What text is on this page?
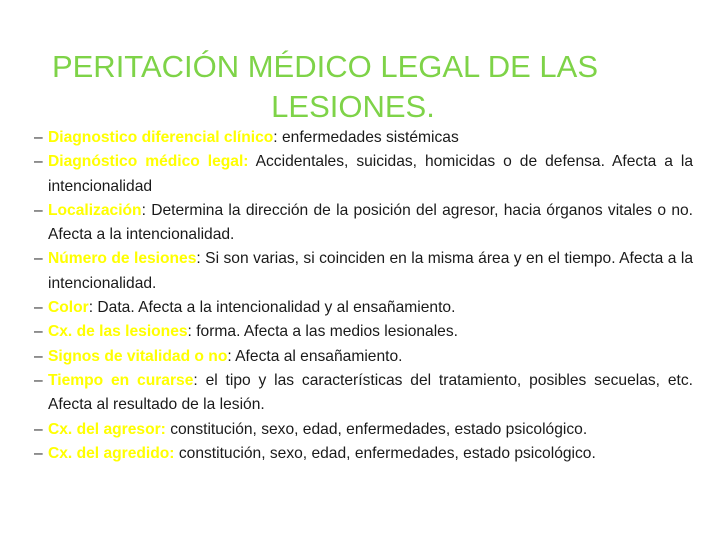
PERITACIÓN MÉDICO LEGAL DE LAS
LESIONES.
– Diagnostico diferencial clínico: enfermedades sistémicas
– Diagnóstico médico legal: Accidentales, suicidas, homicidas o de defensa. Afecta a la intencionalidad
– Localización: Determina la dirección de la posición del agresor, hacia órganos vitales o no. Afecta a la intencionalidad.
– Número de lesiones: Si son varias, si coinciden en la misma área y en el tiempo. Afecta a la intencionalidad.
– Color: Data. Afecta a la intencionalidad y al ensañamiento.
– Cx. de las lesiones: forma. Afecta a las medios lesionales.
– Signos de vitalidad o no: Afecta al ensañamiento.
– Tiempo en curarse: el tipo y las características del tratamiento, posibles secuelas, etc. Afecta al resultado de la lesión.
– Cx. del agresor: constitución, sexo, edad, enfermedades, estado psicológico.
– Cx. del agredido: constitución, sexo, edad, enfermedades, estado psicológico.
